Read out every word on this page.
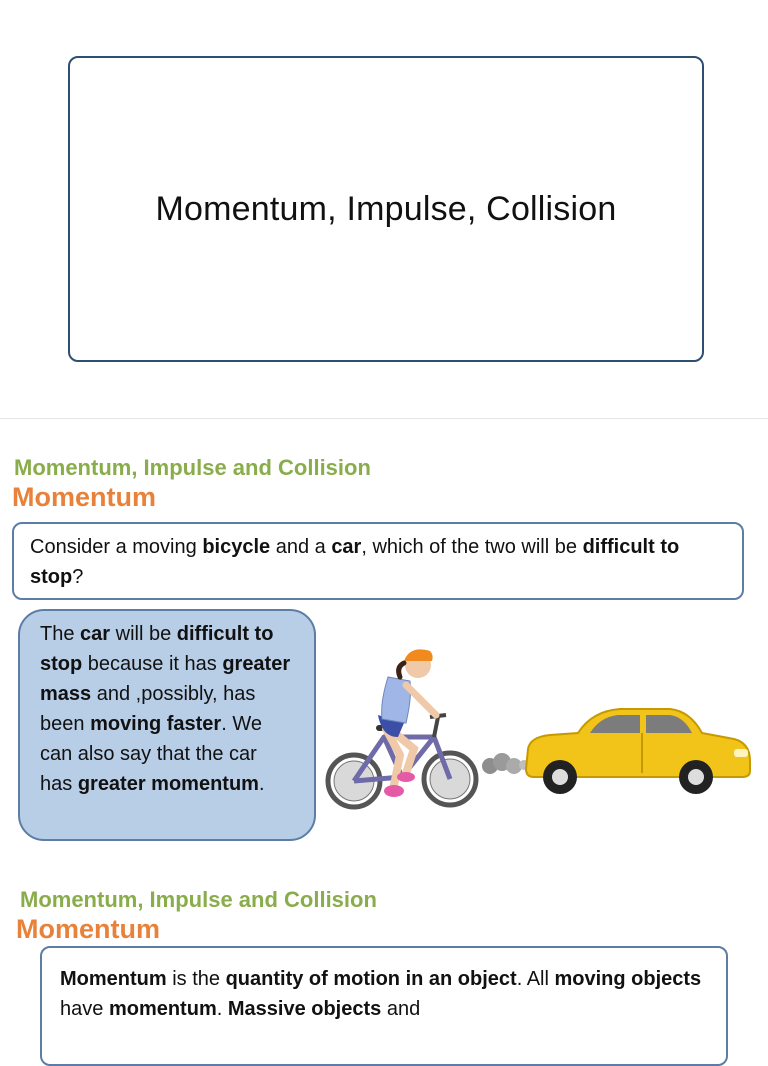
Momentum, Impulse, Collision
Momentum, Impulse and Collision
Momentum
Consider a moving bicycle and a car, which of the two will be difficult to stop?
The car will be difficult to stop because it has greater mass and ,possibly, has been moving faster. We can also say that the car has greater momentum.
Momentum, Impulse and Collision
Momentum
Momentum is the quantity of motion in an object. All moving objects have momentum. Massive objects and
